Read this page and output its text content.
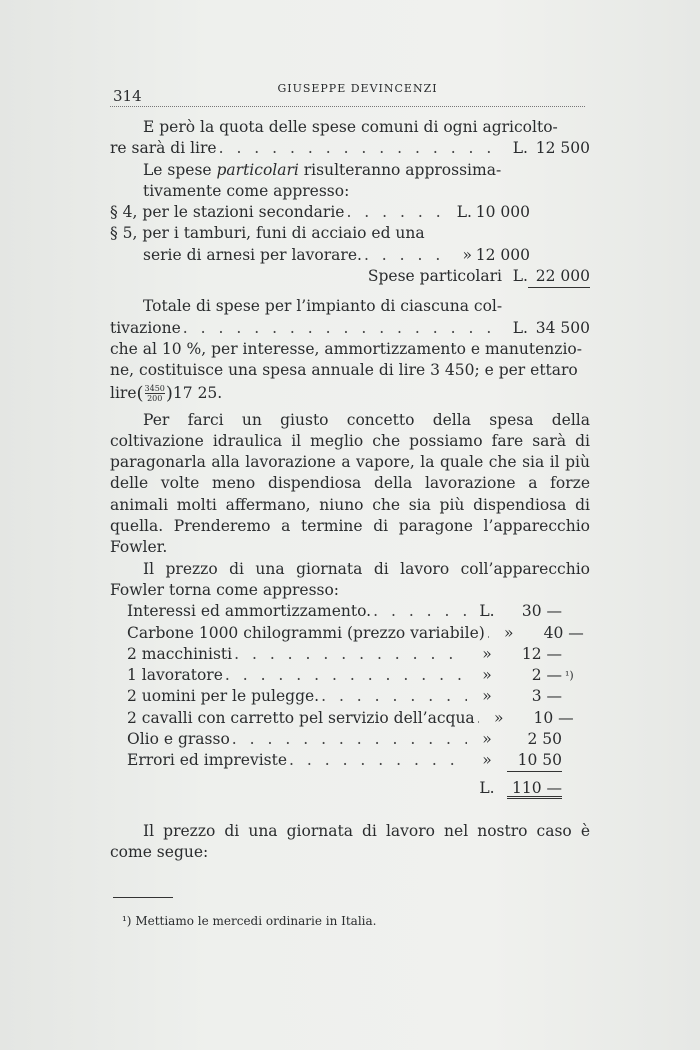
314	GIUSEPPE DEVINCENZI
E però la quota delle spese comuni di ogni agricolto-
re sarà di lire . . .	L. 12 500
Le spese particolari risulteranno approssima-
tivamente come appresso:
§ 4, per le stazioni secondarie . . .	L. 10 000
§ 5, per i tamburi, funi di acciaio ed una
serie di arnesi per lavorare. . . .	» 12 000
Spese particolari L. 22 000
Totale di spese per l’impianto di ciascuna col-
tivazione . . .	L. 34 500
che al 10 %, per interesse, ammortizzamento e manutenzio-
ne, costituisce una spesa annuale di lire 3 450; e per ettaro
lire ( $\frac{3450}{200}$ ) 17 25.

Per farci un giusto concetto della spesa della coltivazione idraulica il meglio che possiamo fare sarà di paragonarla alla lavorazione a vapore, la quale che sia il più delle volte meno dispendiosa della lavorazione a forze animali molti affermano, niuno che sia più dispendiosa di quella. Prenderemo a termine di paragone l’apparecchio Fowler.

Il prezzo di una giornata di lavoro coll’apparecchio Fowler torna come appresso:

Interessi ed ammortizzamento. . . .	L.	30 —
Carbone 1000 chilogrammi (prezzo variabile) . . .	»	40 —
2 macchinisti . . .	»	12 —
1 lavoratore . . .	»	2 — ¹)
2 uomini per le pulegge. . . .	»	3 —
2 cavalli con carretto pel servizio dell’acqua . . .	»	10 —
Olio e grasso . . .	»	2 50
Errori ed impreviste . . .	»	10 50
L.	110 —

Il prezzo di una giornata di lavoro nel nostro caso è come segue:

¹) Mettiamo le mercedi ordinarie in Italia.
